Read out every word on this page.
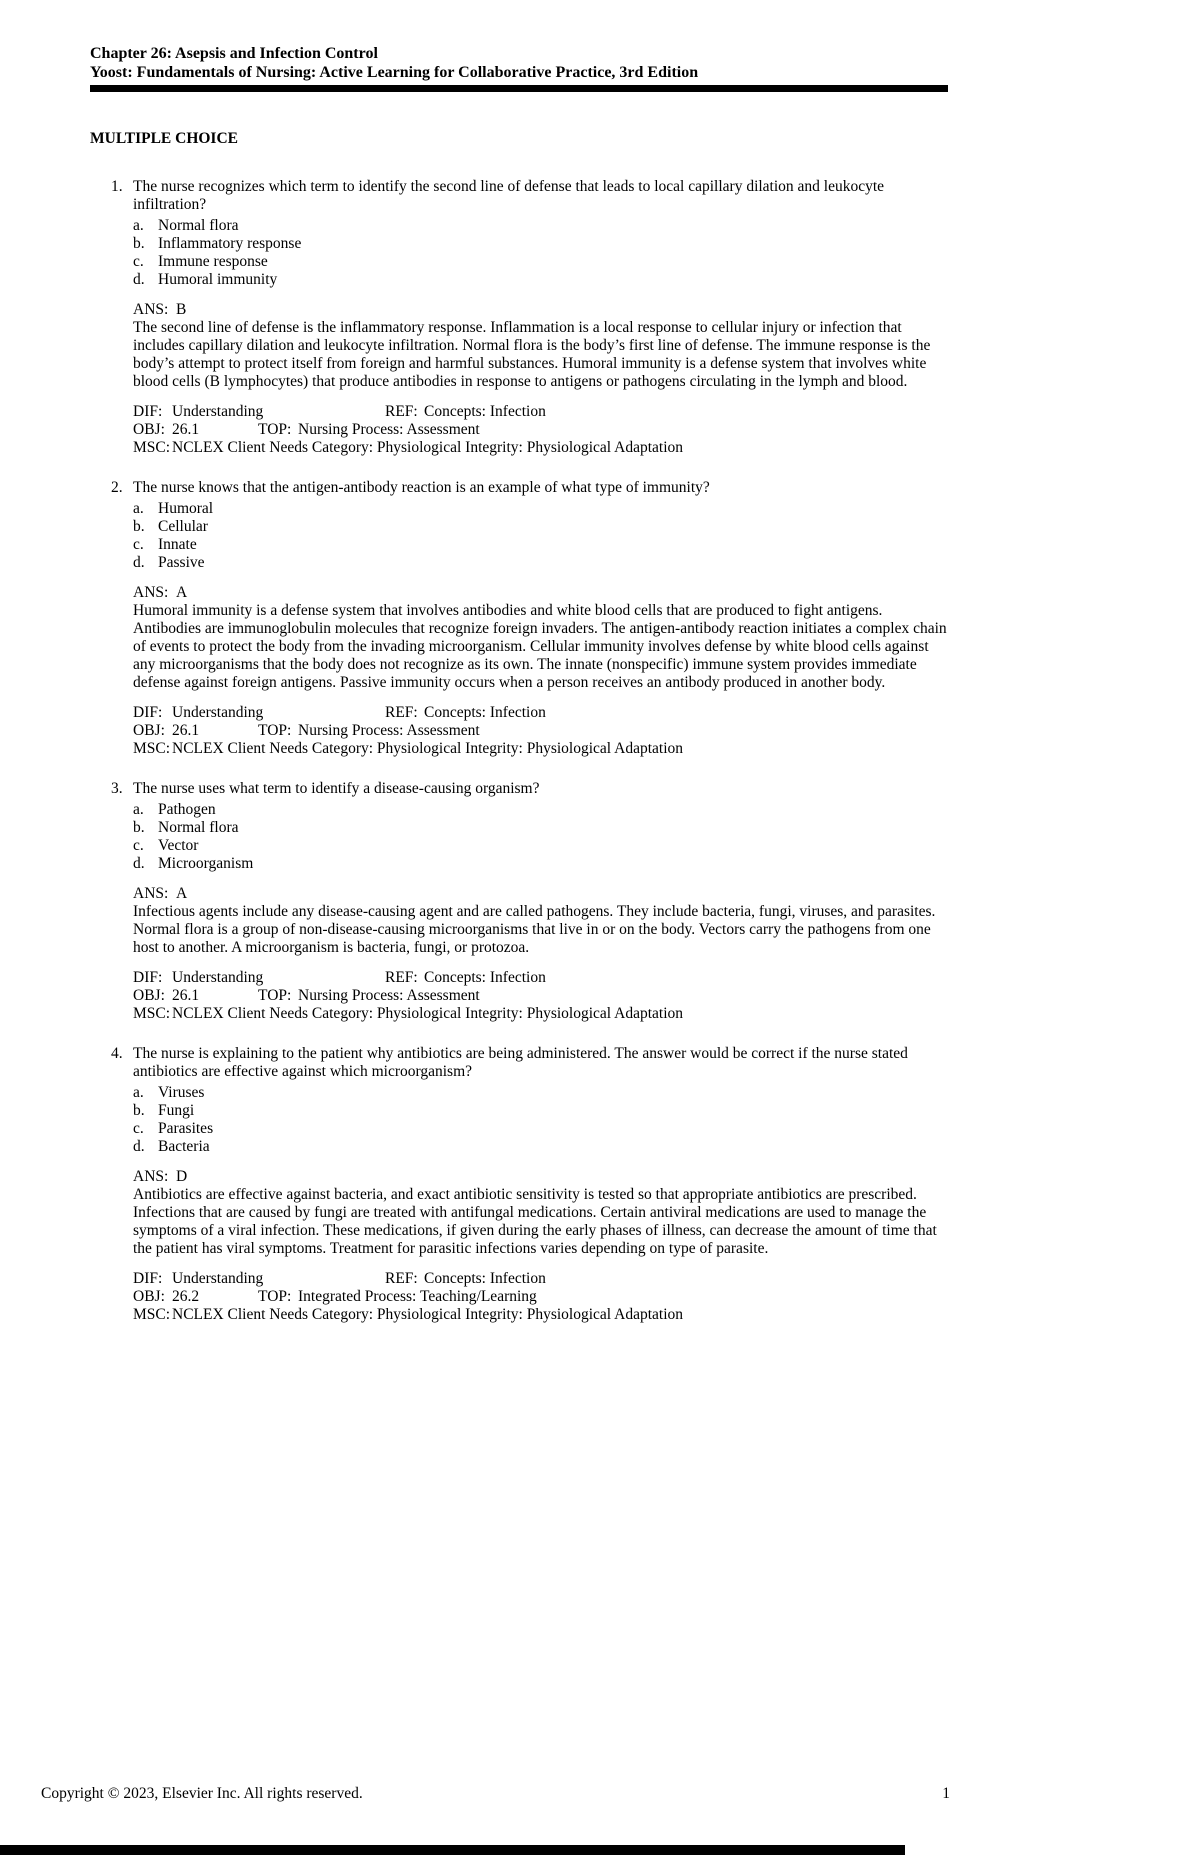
Chapter 26: Asepsis and Infection Control
Yoost: Fundamentals of Nursing: Active Learning for Collaborative Practice, 3rd Edition
MULTIPLE CHOICE
1. The nurse recognizes which term to identify the second line of defense that leads to local capillary dilation and leukocyte infiltration?
a. Normal flora
b. Inflammatory response
c. Immune response
d. Humoral immunity
ANS: B
The second line of defense is the inflammatory response. Inflammation is a local response to cellular injury or infection that includes capillary dilation and leukocyte infiltration. Normal flora is the body’s first line of defense. The immune response is the body’s attempt to protect itself from foreign and harmful substances. Humoral immunity is a defense system that involves white blood cells (B lymphocytes) that produce antibodies in response to antigens or pathogens circulating in the lymph and blood.
DIF: Understanding	REF: Concepts: Infection
OBJ: 26.1	TOP: Nursing Process: Assessment
MSC: NCLEX Client Needs Category: Physiological Integrity: Physiological Adaptation
2. The nurse knows that the antigen-antibody reaction is an example of what type of immunity?
a. Humoral
b. Cellular
c. Innate
d. Passive
ANS: A
Humoral immunity is a defense system that involves antibodies and white blood cells that are produced to fight antigens. Antibodies are immunoglobulin molecules that recognize foreign invaders. The antigen-antibody reaction initiates a complex chain of events to protect the body from the invading microorganism. Cellular immunity involves defense by white blood cells against any microorganisms that the body does not recognize as its own. The innate (nonspecific) immune system provides immediate defense against foreign antigens. Passive immunity occurs when a person receives an antibody produced in another body.
DIF: Understanding	REF: Concepts: Infection
OBJ: 26.1	TOP: Nursing Process: Assessment
MSC: NCLEX Client Needs Category: Physiological Integrity: Physiological Adaptation
3. The nurse uses what term to identify a disease-causing organism?
a. Pathogen
b. Normal flora
c. Vector
d. Microorganism
ANS: A
Infectious agents include any disease-causing agent and are called pathogens. They include bacteria, fungi, viruses, and parasites. Normal flora is a group of non-disease-causing microorganisms that live in or on the body. Vectors carry the pathogens from one host to another. A microorganism is bacteria, fungi, or protozoa.
DIF: Understanding	REF: Concepts: Infection
OBJ: 26.1	TOP: Nursing Process: Assessment
MSC: NCLEX Client Needs Category: Physiological Integrity: Physiological Adaptation
4. The nurse is explaining to the patient why antibiotics are being administered. The answer would be correct if the nurse stated antibiotics are effective against which microorganism?
a. Viruses
b. Fungi
c. Parasites
d. Bacteria
ANS: D
Antibiotics are effective against bacteria, and exact antibiotic sensitivity is tested so that appropriate antibiotics are prescribed. Infections that are caused by fungi are treated with antifungal medications. Certain antiviral medications are used to manage the symptoms of a viral infection. These medications, if given during the early phases of illness, can decrease the amount of time that the patient has viral symptoms. Treatment for parasitic infections varies depending on type of parasite.
DIF: Understanding	REF: Concepts: Infection
OBJ: 26.2	TOP: Integrated Process: Teaching/Learning
MSC: NCLEX Client Needs Category: Physiological Integrity: Physiological Adaptation
Copyright © 2023, Elsevier Inc. All rights reserved.	1
